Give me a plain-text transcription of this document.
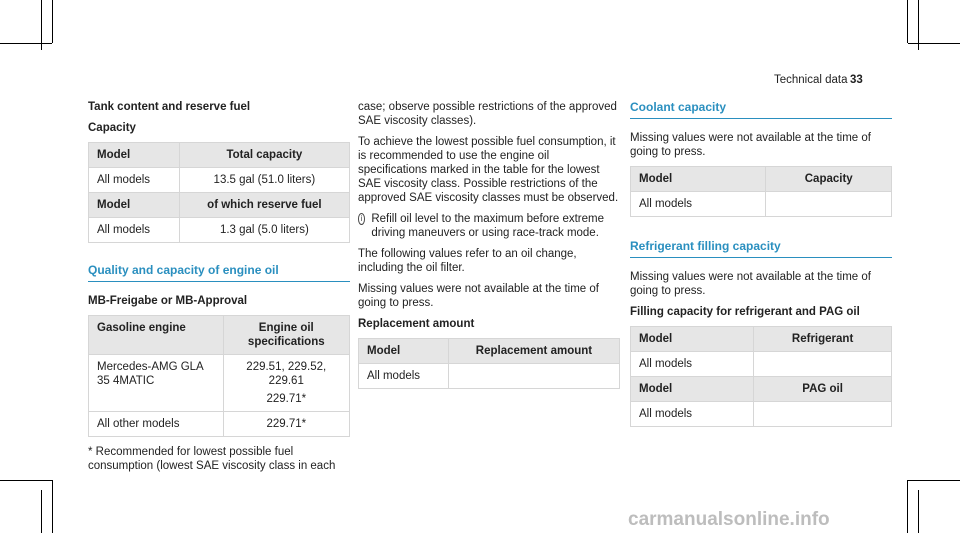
Technical data 33

Tank content and reserve fuel

Capacity

Model	Total capacity
All models	13.5 gal (51.0 liters)
Model	of which reserve fuel
All models	1.3 gal (5.0 liters)
Quality and capacity of engine oil

MB-Freigabe or MB-Approval

Gasoline engine	Engine oil specifications
Mercedes-AMG GLA 35 4MATIC	229.51, 229.52, 229.61
229.71*

All other models	229.71*

* Recommended for lowest possible fuel consumption (lowest SAE viscosity class in each

case; observe possible restrictions of the approved SAE viscosity classes).

To achieve the lowest possible fuel consumption, it is recommended to use the engine oil specifications marked in the table for the lowest SAE viscosity class. Possible restrictions of the approved SAE viscosity classes must be observed.

i Refill oil level to the maximum before extreme driving maneuvers or using race-track mode.

The following values refer to an oil change, including the oil filter.

Missing values were not available at the time of going to press.

Replacement amount

Model	Replacement amount
All models	
Coolant capacity

Missing values were not available at the time of going to press.

Model	Capacity
All models	
Refrigerant filling capacity

Missing values were not available at the time of going to press.

Filling capacity for refrigerant and PAG oil

Model	Refrigerant
All models	
Model	PAG oil
All models	
carmanualsonline.info
